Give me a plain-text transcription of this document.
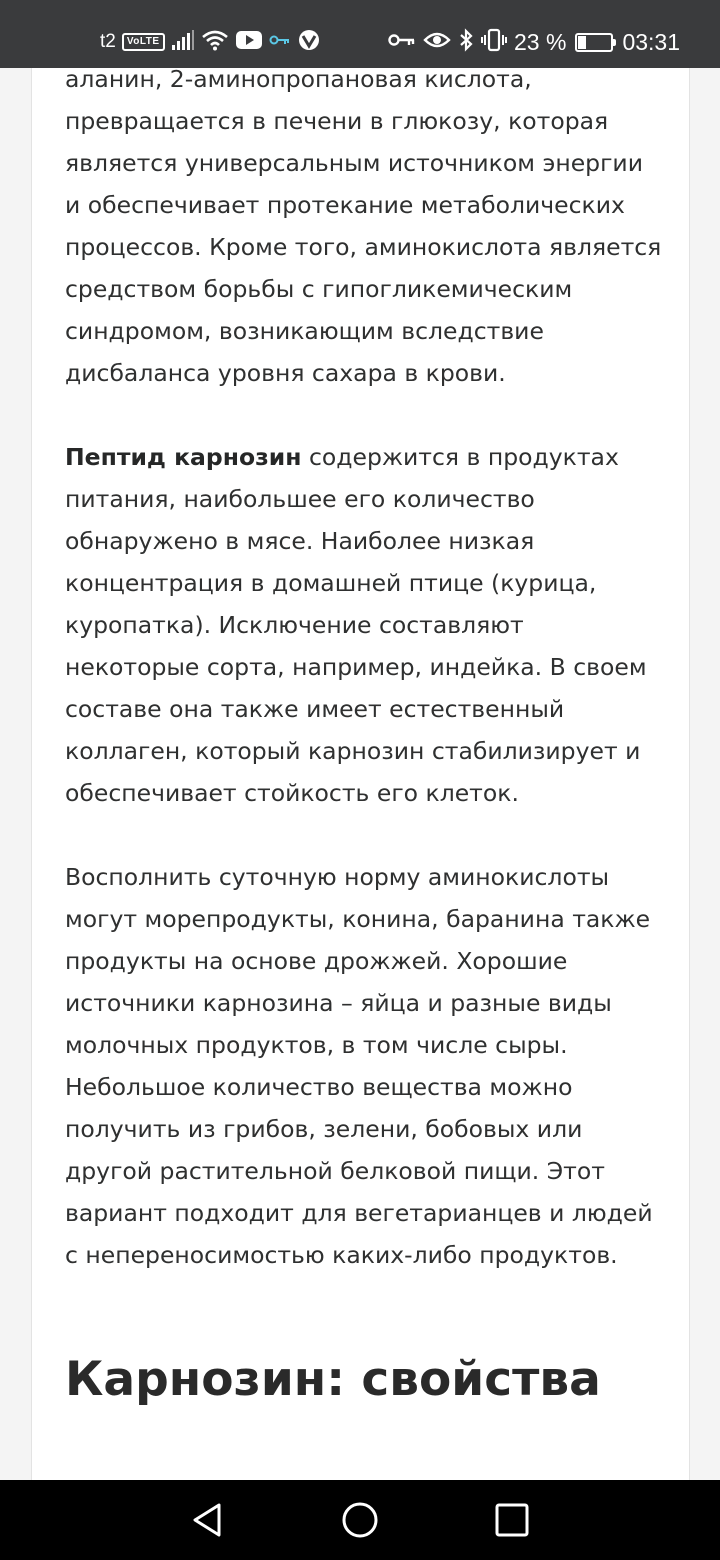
t2	VoLTE	23 % 03:31

аланин, 2-аминопропановая кислота, превращается в печени в глюкозу, которая является универсальным источником энергии и обеспечивает протекание метаболических процессов. Кроме того, аминокислота является средством борьбы с гипогликемическим синдромом, возникающим вследствие дисбаланса уровня сахара в крови.

Пептид карнозин содержится в продуктах питания, наибольшее его количество обнаружено в мясе. Наиболее низкая концентрация в домашней птице (курица, куропатка). Исключение составляют некоторые сорта, например, индейка. В своем составе она также имеет естественный коллаген, который карнозин стабилизирует и обеспечивает стойкость его клеток.

Восполнить суточную норму аминокислоты могут морепродукты, конина, баранина также продукты на основе дрожжей. Хорошие источники карнозина – яйца и разные виды молочных продуктов, в том числе сыры. Небольшое количество вещества можно получить из грибов, зелени, бобовых или другой растительной белковой пищи. Этот вариант подходит для вегетарианцев и людей с непереносимостью каких-либо продуктов.

Карнозин: свойства
